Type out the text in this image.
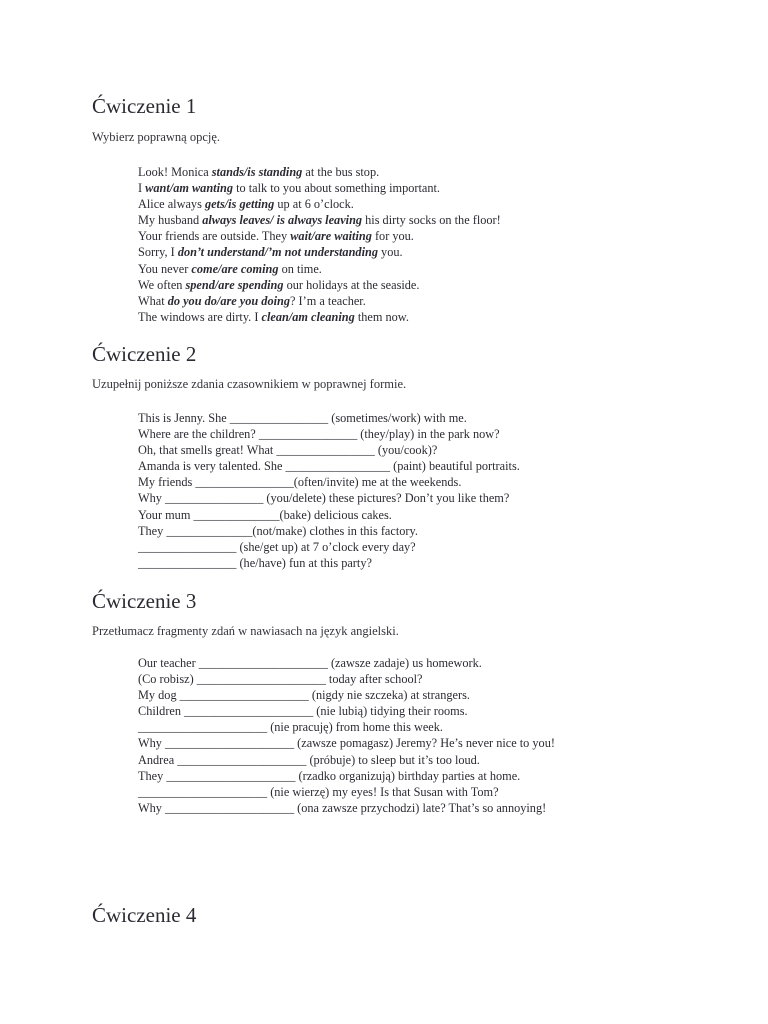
Ćwiczenie 1

Wybierz poprawną opcję.

Look! Monica stands/is standing at the bus stop.
I want/am wanting to talk to you about something important.
Alice always gets/is getting up at 6 o’clock.
My husband always leaves/ is always leaving his dirty socks on the floor!
Your friends are outside. They wait/are waiting for you.
Sorry, I don’t understand/’m not understanding you.
You never come/are coming on time.
We often spend/are spending our holidays at the seaside.
What do you do/are you doing? I’m a teacher.
The windows are dirty. I clean/am cleaning them now.
Ćwiczenie 2

Uzupełnij poniższe zdania czasownikiem w poprawnej formie.

This is Jenny. She ________________ (sometimes/work) with me.
Where are the children? ________________ (they/play) in the park now?
Oh, that smells great! What ________________ (you/cook)?
Amanda is very talented. She _________________ (paint) beautiful portraits.
My friends ________________(often/invite) me at the weekends.
Why ________________ (you/delete) these pictures? Don’t you like them?
Your mum ______________(bake) delicious cakes.
They ______________(not/make) clothes in this factory.
________________ (she/get up) at 7 o’clock every day?
________________ (he/have) fun at this party?
Ćwiczenie 3

Przetłumacz fragmenty zdań w nawiasach na język angielski.

Our teacher _____________________ (zawsze zadaje) us homework.
(Co robisz) _____________________ today after school?
My dog _____________________ (nigdy nie szczeka) at strangers.
Children _____________________ (nie lubią) tidying their rooms.
_____________________ (nie pracuję) from home this week.
Why _____________________ (zawsze pomagasz) Jeremy? He’s never nice to you!
Andrea _____________________ (próbuje) to sleep but it’s too loud.
They _____________________ (rzadko organizują) birthday parties at home.
_____________________ (nie wierzę) my eyes! Is that Susan with Tom?
Why _____________________ (ona zawsze przychodzi) late? That’s so annoying!
Ćwiczenie 4
